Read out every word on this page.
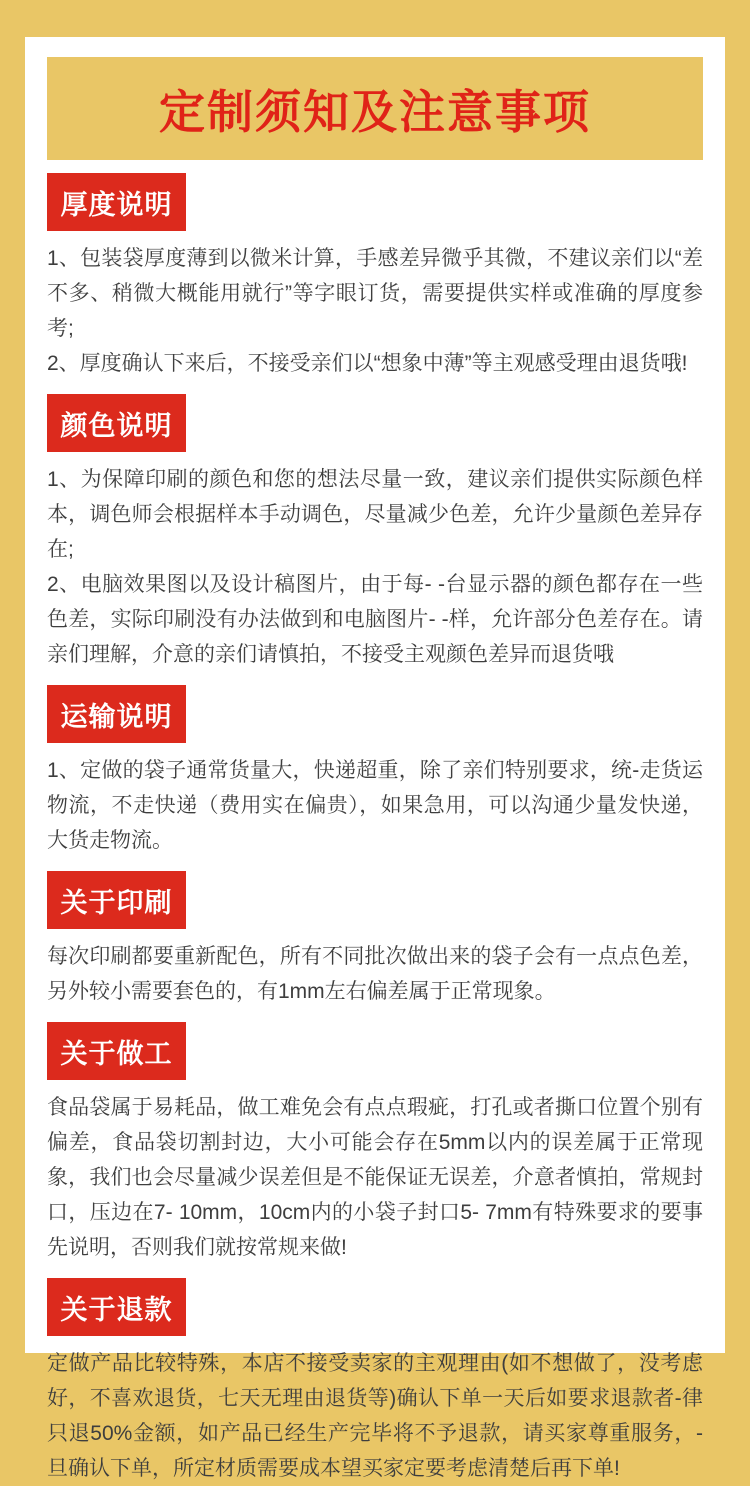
定制须知及注意事项
厚度说明

1、包装袋厚度薄到以微米计算，手感差异微乎其微，不建议亲们以“差不多、稍微大概能用就行”等字眼订货，需要提供实样或准确的厚度参考;

2、厚度确认下来后，不接受亲们以“想象中薄”等主观感受理由退货哦!

颜色说明

1、为保障印刷的颜色和您的想法尽量一致，建议亲们提供实际颜色样本，调色师会根据样本手动调色，尽量减少色差，允许少量颜色差异存在;

2、电脑效果图以及设计稿图片，由于每- -台显示器的颜色都存在一些色差，实际印刷没有办法做到和电脑图片- -样，允许部分色差存在。请亲们理解，介意的亲们请慎拍，不接受主观颜色差异而退货哦

运输说明

1、定做的袋子通常货量大，快递超重，除了亲们特别要求，统-走货运物流，不走快递（费用实在偏贵），如果急用，可以沟通少量发快递，大货走物流。

关于印刷

每次印刷都要重新配色，所有不同批次做出来的袋子会有一点点色差，另外较小需要套色的，有1mm左右偏差属于正常现象。

关于做工

食品袋属于易耗品，做工难免会有点点瑕疵，打孔或者撕口位置个别有偏差，食品袋切割封边，大小可能会存在5mm以内的误差属于正常现象，我们也会尽量减少误差但是不能保证无误差，介意者慎拍，常规封口，压边在7- 10mm，10cm内的小袋子封口5- 7mm有特殊要求的要事先说明，否则我们就按常规来做!

关于退款

定做产品比较特殊，本店不接受卖家的主观理由(如不想做了，没考虑好，不喜欢退货，七天无理由退货等)确认下单一天后如要求退款者-律只退50%金额，如产品已经生产完毕将不予退款，请买家尊重服务，-旦确认下单，所定材质需要成本望买家定要考虑清楚后再下单!
